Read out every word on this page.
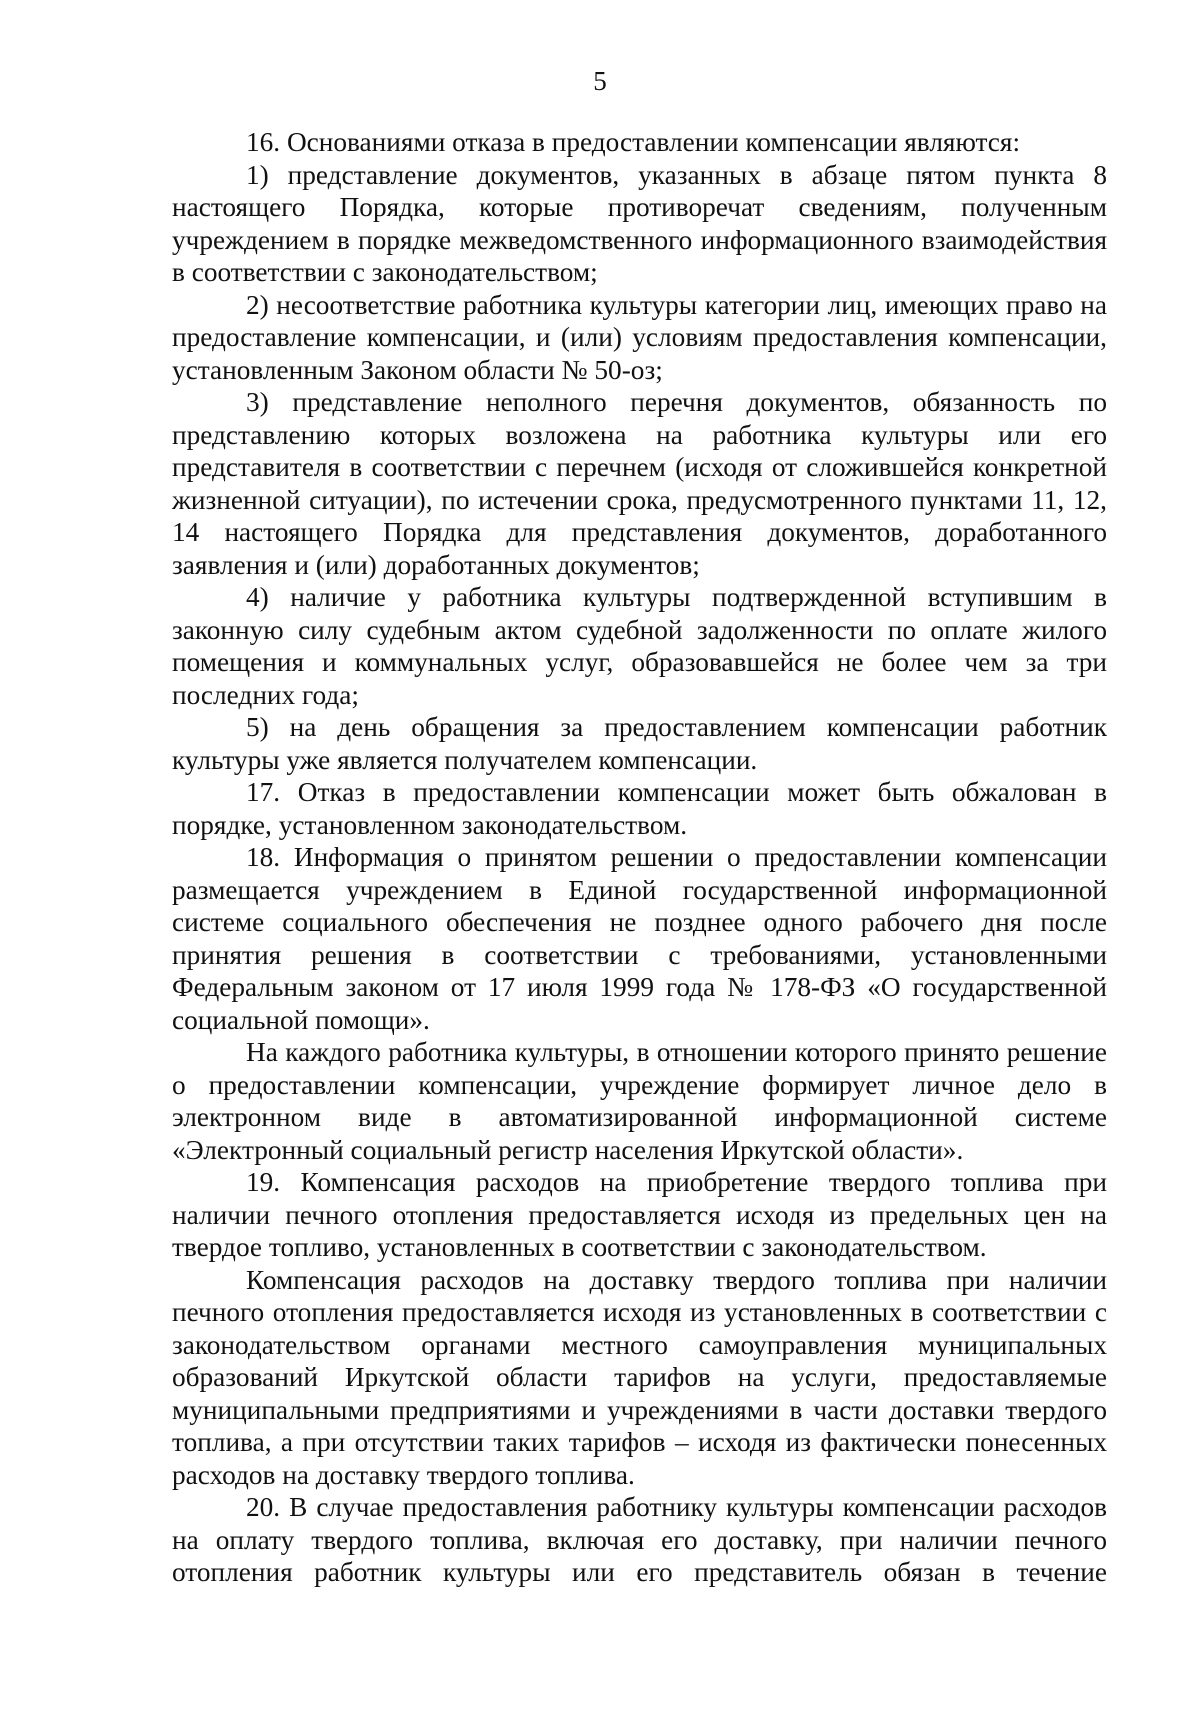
5

16. Основаниями отказа в предоставлении компенсации являются:

1) представление документов, указанных в абзаце пятом пункта 8 настоящего Порядка, которые противоречат сведениям, полученным учреждением в порядке межведомственного информационного взаимодействия в соответствии с законодательством;

2) несоответствие работника культуры категории лиц, имеющих право на предоставление компенсации, и (или) условиям предоставления компенсации, установленным Законом области № 50-оз;

3) представление неполного перечня документов, обязанность по представлению которых возложена на работника культуры или его представителя в соответствии с перечнем (исходя от сложившейся конкретной жизненной ситуации), по истечении срока, предусмотренного пунктами 11, 12, 14 настоящего Порядка для представления документов, доработанного заявления и (или) доработанных документов;

4) наличие у работника культуры подтвержденной вступившим в законную силу судебным актом судебной задолженности по оплате жилого помещения и коммунальных услуг, образовавшейся не более чем за три последних года;

5) на день обращения за предоставлением компенсации работник культуры уже является получателем компенсации.

17. Отказ в предоставлении компенсации может быть обжалован в порядке, установленном законодательством.

18. Информация о принятом решении о предоставлении компенсации размещается учреждением в Единой государственной информационной системе социального обеспечения не позднее одного рабочего дня после принятия решения в соответствии с требованиями, установленными Федеральным законом от 17 июля 1999 года № 178-ФЗ «О государственной социальной помощи».

На каждого работника культуры, в отношении которого принято решение о предоставлении компенсации, учреждение формирует личное дело в электронном виде в автоматизированной информационной системе «Электронный социальный регистр населения Иркутской области».

19. Компенсация расходов на приобретение твердого топлива при наличии печного отопления предоставляется исходя из предельных цен на твердое топливо, установленных в соответствии с законодательством.

Компенсация расходов на доставку твердого топлива при наличии печного отопления предоставляется исходя из установленных в соответствии с законодательством органами местного самоуправления муниципальных образований Иркутской области тарифов на услуги, предоставляемые муниципальными предприятиями и учреждениями в части доставки твердого топлива, а при отсутствии таких тарифов – исходя из фактически понесенных расходов на доставку твердого топлива.

20. В случае предоставления работнику культуры компенсации расходов на оплату твердого топлива, включая его доставку, при наличии печного отопления работник культуры или его представитель обязан в течение
